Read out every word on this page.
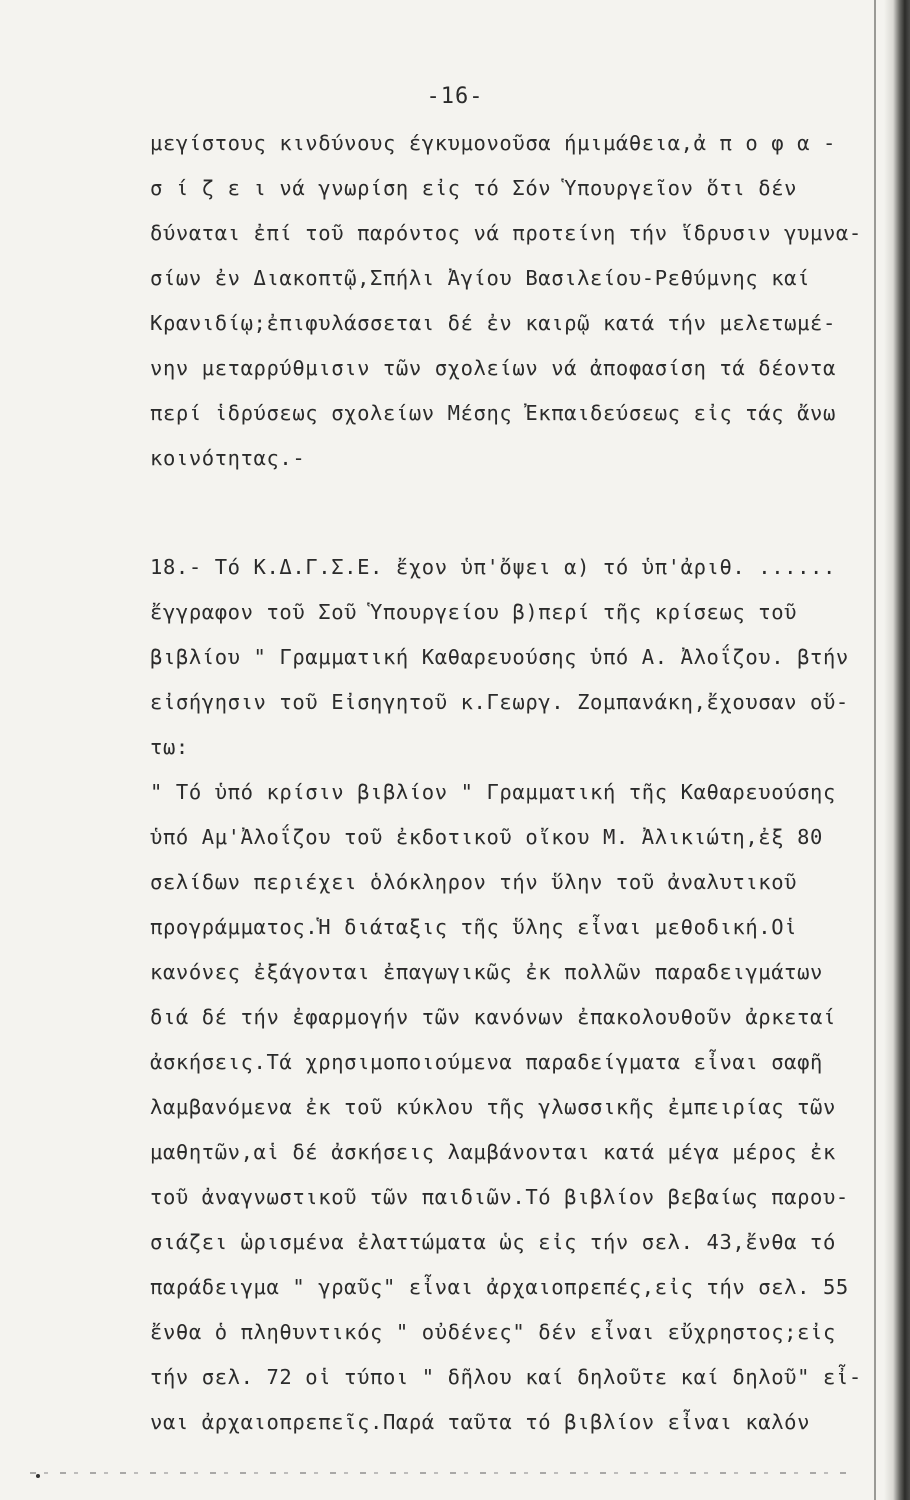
-16-
μεγίστους κινδύνους έγκυμονοῦσα ήμιμάθεια,ἀ π ο φ α -
σ ί ζ ε ι νά γνωρίση εἰς τό Σόν Ὑπουργεῖον ὅτι δέν
δύναται ἐπί τοῦ παρόντος νά προτείνη τήν ἵδρυσιν γυμνα-
σίων ἐν Διακοπτῷ,Σπήλι Ἀγίου Βασιλείου-Ρεθύμνης καί
Κρανιδίῳ;ἐπιφυλάσσεται δέ ἐν καιρῷ κατά τήν μελετωμέ-
νην μεταρρύθμισιν τῶν σχολείων νά ἀποφασίση τά δέοντα
περί ἱδρύσεως σχολείων Μέσης Ἐκπαιδεύσεως εἰς τάς ἄνω
κοινότητας.-
18.- Τό Κ.Δ.Γ.Σ.Ε. ἔχον ὑπ'ὄψει α) τό ὑπ'ἀριθ. ......
ἔγγραφον τοῦ Σοῦ Ὑπουργείου β)περί τῆς κρίσεως τοῦ
βιβλίου " Γραμματική Καθαρευούσης ὑπό Α. Ἀλοΐζου. βτήν
εἰσήγησιν τοῦ Εἰσηγητοῦ κ.Γεωργ. Ζομπανάκη,ἔχουσαν οὕ-
τω:
" Τό ὑπό κρίσιν βιβλίον " Γραμματική τῆς Καθαρευούσης
ὑπό Αμ'Ἀλοΐζου τοῦ ἐκδοτικοῦ οἴκου Μ. Ἀλικιώτη,ἐξ 80
σελίδων περιέχει ὁλόκληρον τήν ὕλην τοῦ ἀναλυτικοῦ
προγράμματος.Ἡ διάταξις τῆς ὕλης εἶναι μεθοδική.Οἱ
κανόνες ἐξάγονται ἐπαγωγικῶς ἐκ πολλῶν παραδειγμάτων
διά δέ τήν ἐφαρμογήν τῶν κανόνων ἐπακολουθοῦν ἀρκεταί
ἀσκήσεις.Τά χρησιμοποιούμενα παραδείγματα εἶναι σαφῆ
λαμβανόμενα ἐκ τοῦ κύκλου τῆς γλωσσικῆς ἐμπειρίας τῶν
μαθητῶν,αἱ δέ ἀσκήσεις λαμβάνονται κατά μέγα μέρος ἐκ
τοῦ ἀναγνωστικοῦ τῶν παιδιῶν.Τό βιβλίον βεβαίως παρου-
σιάζει ὡρισμένα ἐλαττώματα ὡς εἰς τήν σελ. 43,ἔνθα τό
παράδειγμα " γραῦς" εἶναι ἀρχαιοπρεπές,εἰς τήν σελ. 55
ἔνθα ὁ πληθυντικός " οὐδένες" δέν εἶναι εὔχρηστος;εἰς
τήν σελ. 72 οἱ τύποι " δῆλου καί δηλοῦτε καί δηλοῦ" εἶ-
ναι ἀρχαιοπρεπεῖς.Παρά ταῦτα τό βιβλίον εἶναι καλόν
